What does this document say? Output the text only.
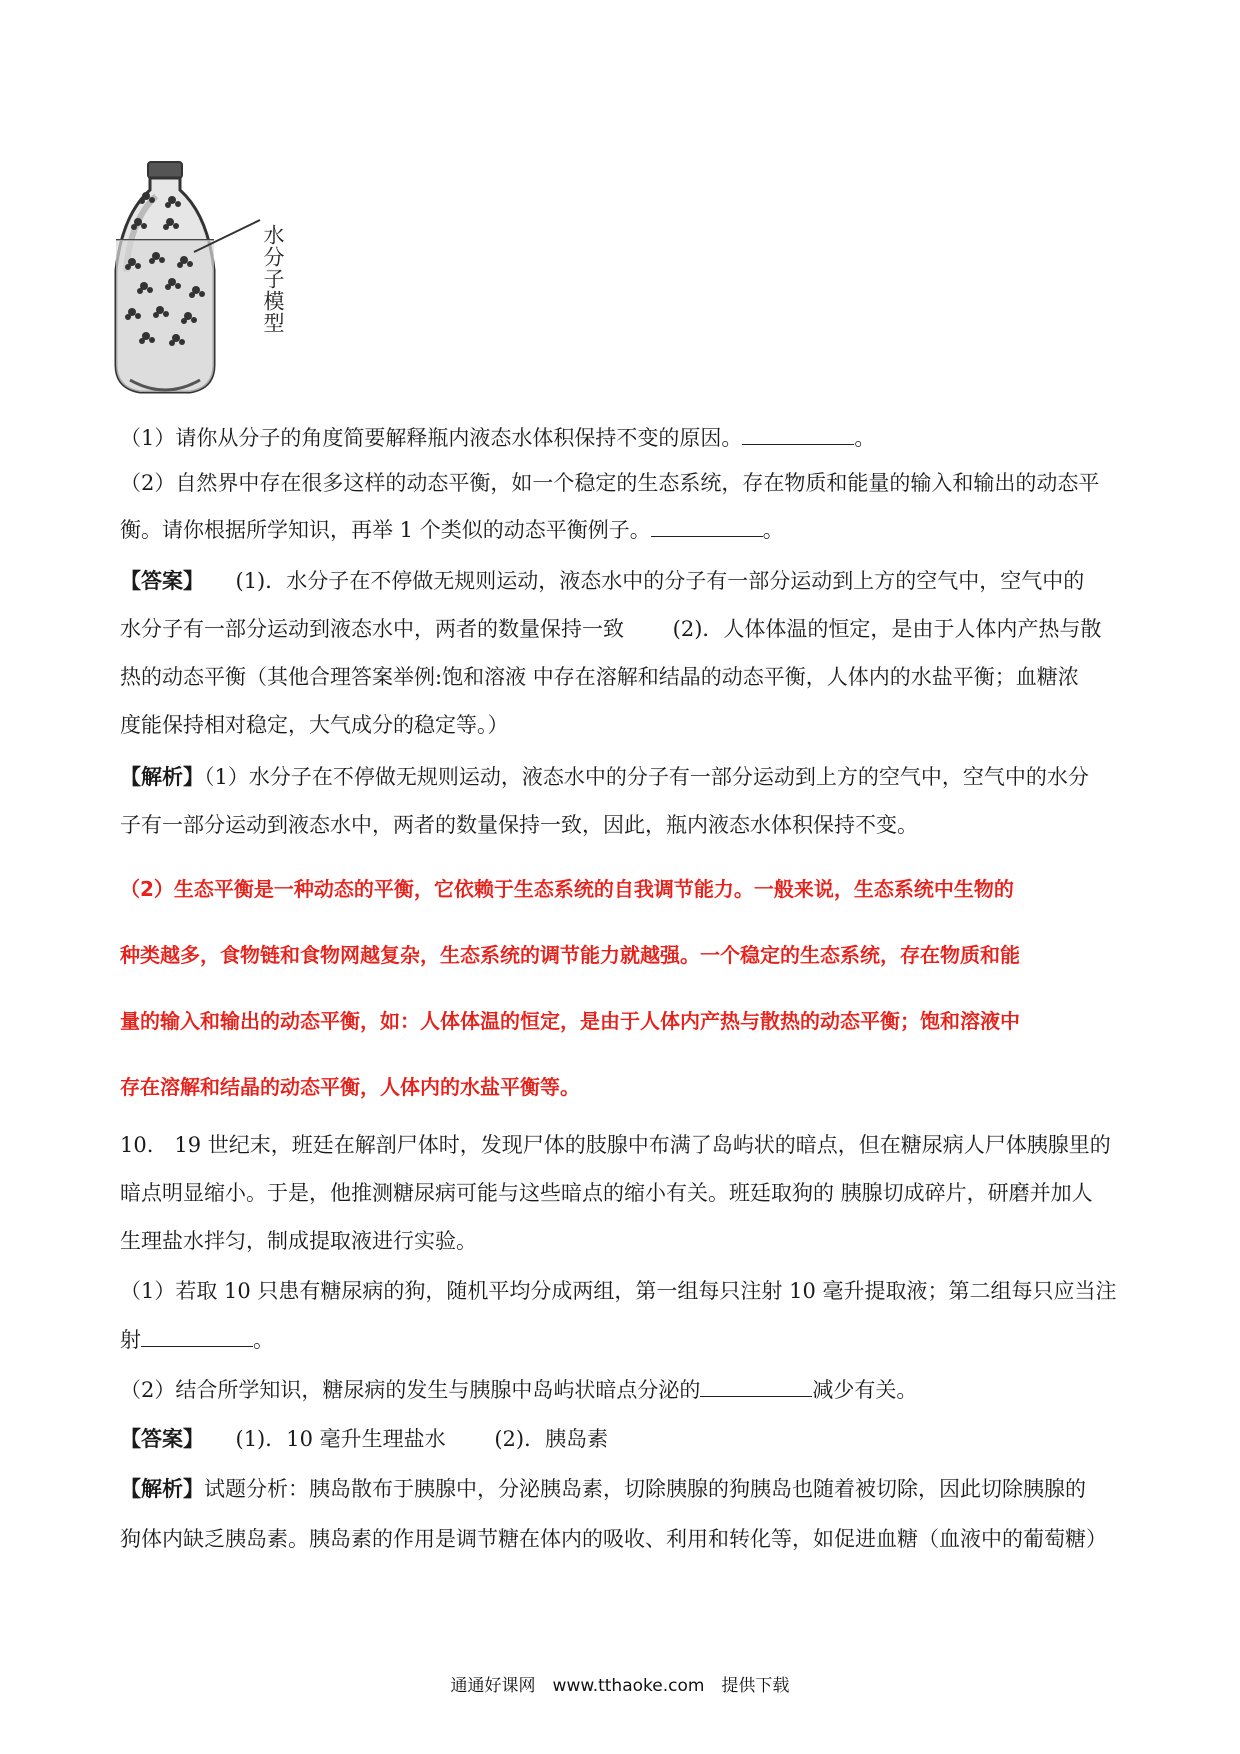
水分子模型
（1）请你从分子的角度简要解释瓶内液态水体积保持不变的原因。	。
（2）自然界中存在很多这样的动态平衡，如一个稳定的生态系统，存在物质和能量的输入和输出的动态平
衡。请你根据所学知识，再举 1 个类似的动态平衡例子。	。
【答案】　　 (1)．水分子在不停做无规则运动，液态水中的分子有一部分运动到上方的空气中，空气中的
水分子有一部分运动到液态水中，两者的数量保持一致　　 (2)．人体体温的恒定，是由于人体内产热与散
热的动态平衡（其他合理答案举例:饱和溶液 中存在溶解和结晶的动态平衡，人体内的水盐平衡；血糖浓
度能保持相对稳定，大气成分的稳定等。）
【解析】（1）水分子在不停做无规则运动，液态水中的分子有一部分运动到上方的空气中，空气中的水分
子有一部分运动到液态水中，两者的数量保持一致，因此，瓶内液态水体积保持不变。
（2）生态平衡是一种动态的平衡，它依赖于生态系统的自我调节能力。一般来说，生态系统中生物的
种类越多，食物链和食物网越复杂，生态系统的调节能力就越强。一个稳定的生态系统，存在物质和能
量的输入和输出的动态平衡，如：人体体温的恒定，是由于人体内产热与散热的动态平衡；饱和溶液中
存在溶解和结晶的动态平衡，人体内的水盐平衡等。
10.　19 世纪末，班廷在解剖尸体时，发现尸体的肢腺中布满了岛屿状的暗点，但在糖尿病人尸体胰腺里的
暗点明显缩小。于是，他推测糖尿病可能与这些暗点的缩小有关。班廷取狗的 胰腺切成碎片，研磨并加人
生理盐水拌匀，制成提取液进行实验。
（1）若取 10 只患有糖尿病的狗，随机平均分成两组，第一组每只注射 10 毫升提取液；第二组每只应当注
射	。
（2）结合所学知识，糖尿病的发生与胰腺中岛屿状暗点分泌的	减少有关。
【答案】　　 (1)．10 毫升生理盐水　　 (2)．胰岛素
【解析】试题分析：胰岛散布于胰腺中，分泌胰岛素，切除胰腺的狗胰岛也随着被切除，因此切除胰腺的
狗体内缺乏胰岛素。胰岛素的作用是调节糖在体内的吸收、利用和转化等，如促进血糖（血液中的葡萄糖）
通通好课网　www.tthaoke.com　提供下载
